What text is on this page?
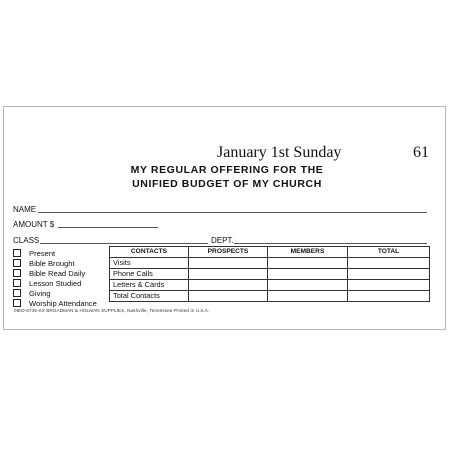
January 1st Sunday	61
MY REGULAR OFFERING FOR THE
UNIFIED BUDGET OF MY CHURCH
NAME
AMOUNT $
CLASS	DEPT.
Present
Bible Brought
Bible Read Daily
Lesson Studied
Giving
Worship Attendance
CONTACTS	PROSPECTS	MEMBERS	TOTAL
Visits			
Phone Calls			
Letters & Cards			
Total Contacts			
0800-6745-XX BROADMAN & HOLMAN SUPPLIES, Nashville, Tennessee Printed in U.S.A.
